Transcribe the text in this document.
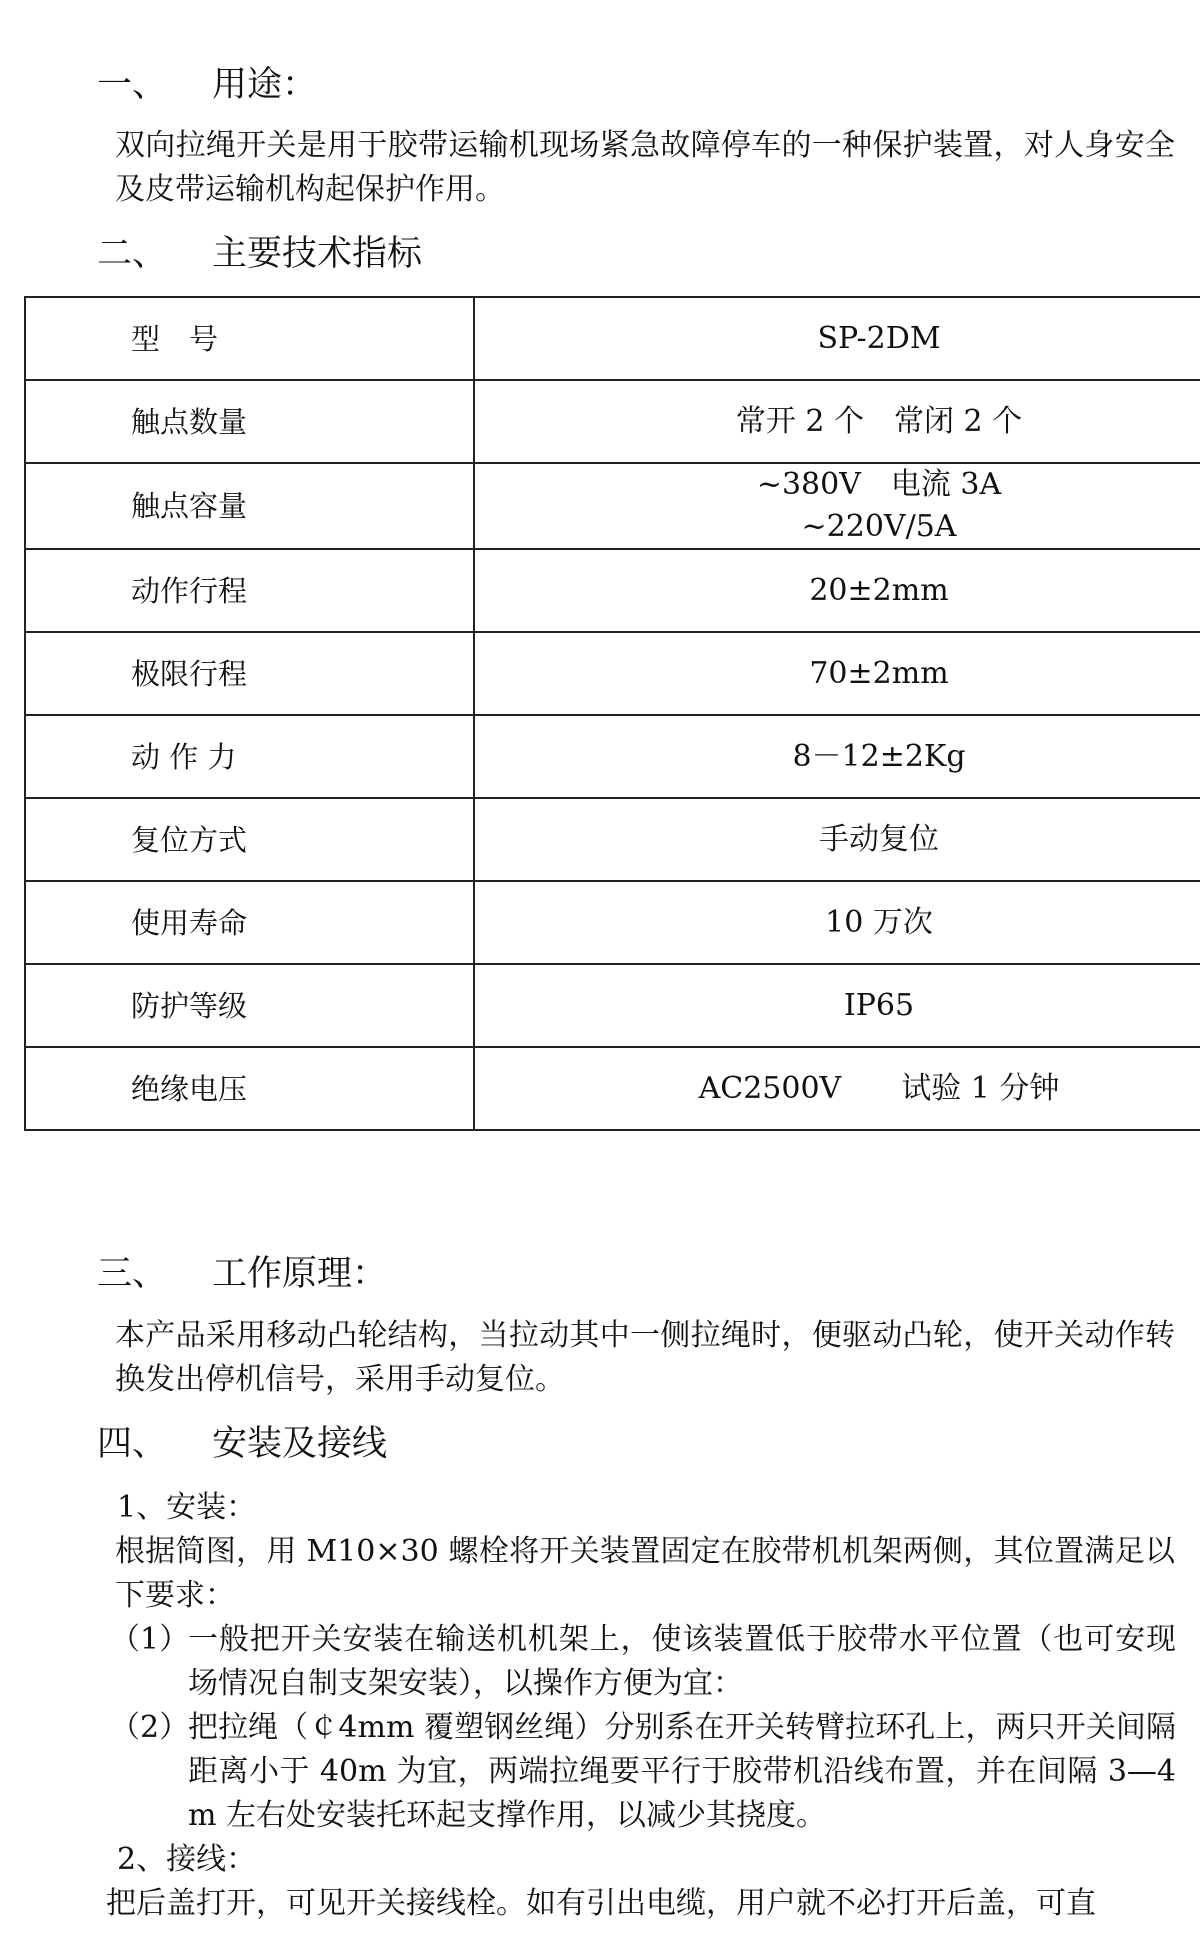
一、 用途：

双向拉绳开关是用于胶带运输机现场紧急故障停车的一种保护装置，对人身安全及皮带运输机构起保护作用。

二、 主要技术指标
型　号	SP-2DM
触点数量	常开 2 个　常闭 2 个
触点容量	~380V　电流 3A
~220V/5A

动作行程	20±2mm
极限行程	70±2mm
动 作 力	8－12±2Kg
复位方式	手动复位
使用寿命	10 万次
防护等级	IP65
绝缘电压	AC2500V　　试验 1 分钟
三、 工作原理：

本产品采用移动凸轮结构，当拉动其中一侧拉绳时，便驱动凸轮，使开关动作转换发出停机信号，采用手动复位。

四、 安装及接线
1、安装：

根据简图，用 M10×30 螺栓将开关装置固定在胶带机机架两侧，其位置满足以下要求：

（1）
一般把开关安装在输送机机架上，使该装置低于胶带水平位置（也可安现场情况自制支架安装），以操作方便为宜：
（2）
把拉绳（￠4mm 覆塑钢丝绳）分别系在开关转臂拉环孔上，两只开关间隔距离小于 40m 为宜，两端拉绳要平行于胶带机沿线布置，并在间隔 3—4m 左右处安装托环起支撑作用，以减少其挠度。
2、接线：
把后盖打开，可见开关接线栓。如有引出电缆，用户就不必打开后盖，可直
